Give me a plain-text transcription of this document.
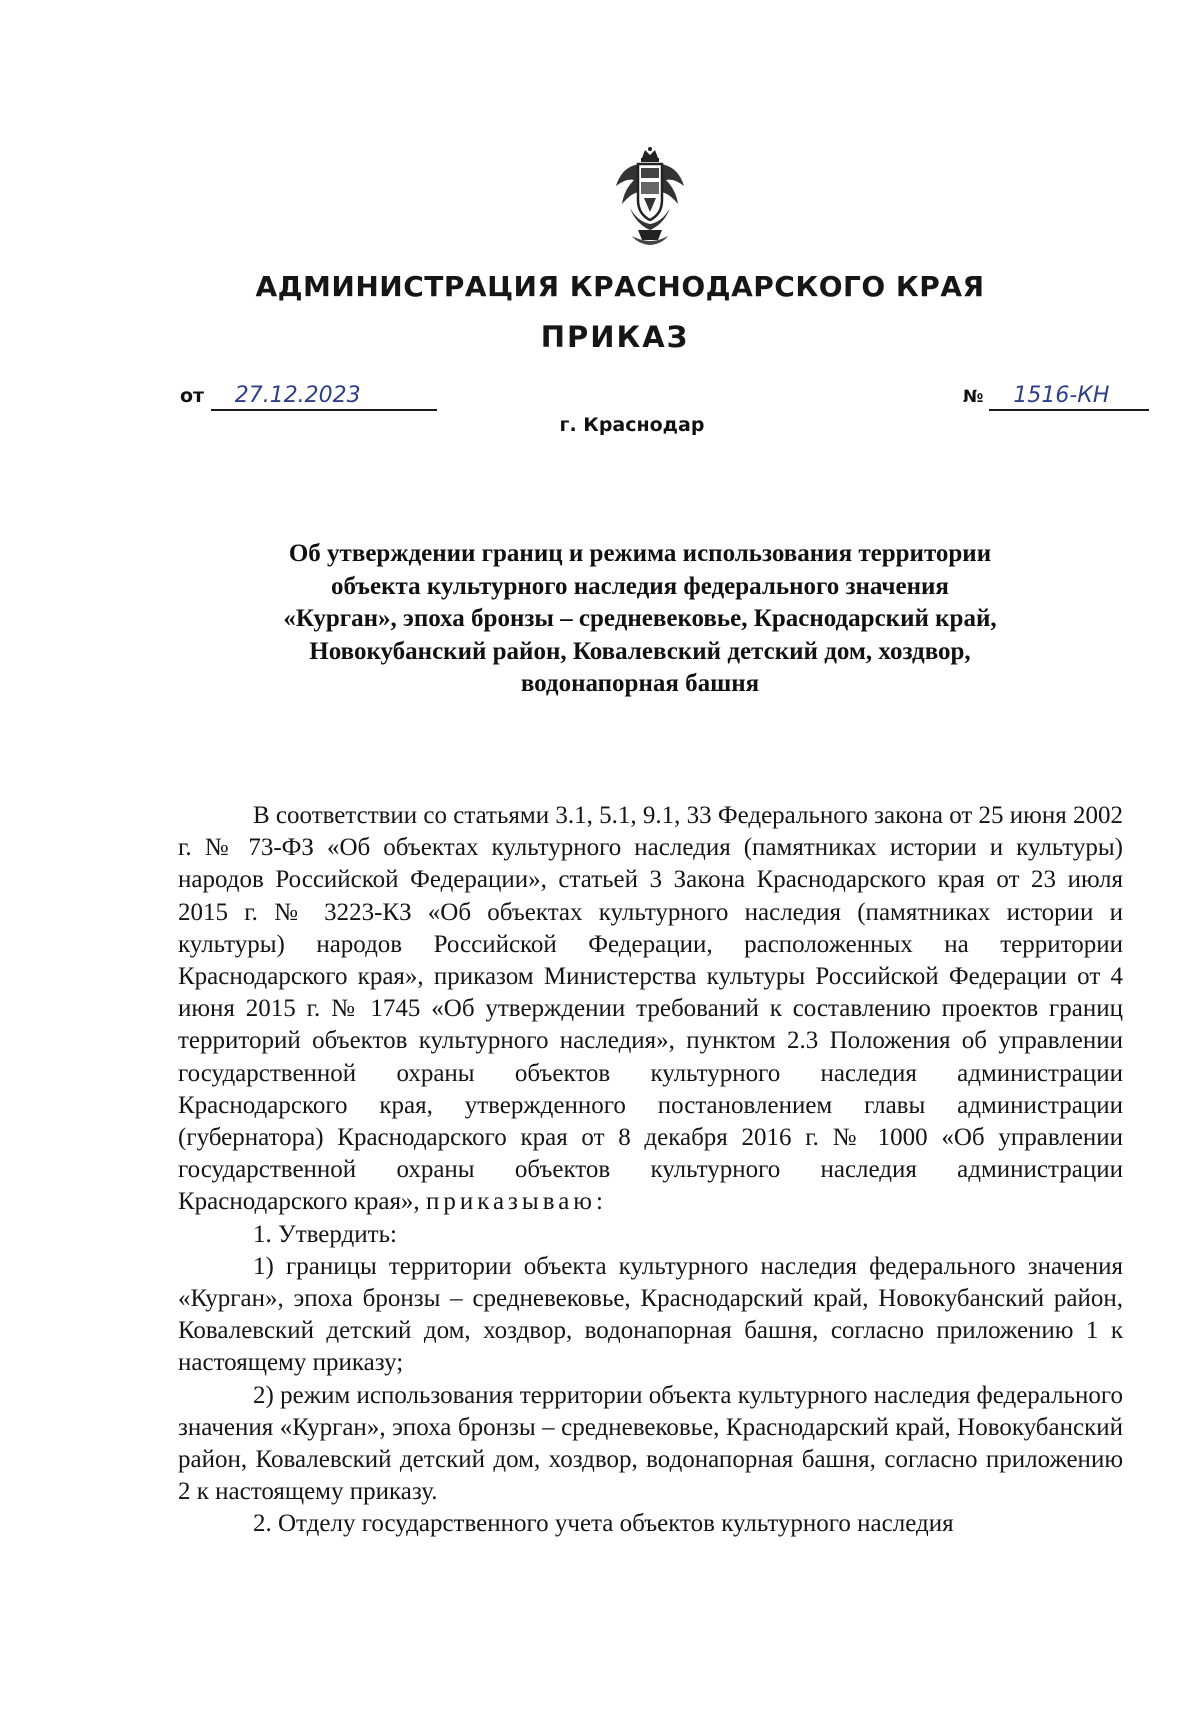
АДМИНИСТРАЦИЯ КРАСНОДАРСКОГО КРАЯ
ПРИКАЗ
от 27.12.2023	№ 1516-КН
г. Краснодар
Об утверждении границ и режима использования территории
объекта культурного наследия федерального значения
«Курган», эпоха бронзы – средневековье, Краснодарский край,
Новокубанский район, Ковалевский детский дом, хоздвор,
водонапорная башня

В соответствии со статьями 3.1, 5.1, 9.1, 33 Федерального закона от 25 июня 2002 г. № 73-ФЗ «Об объектах культурного наследия (памятниках истории и культуры) народов Российской Федерации», статьей 3 Закона Краснодарского края от 23 июля 2015 г. № 3223-КЗ «Об объектах культурного наследия (памятниках истории и культуры) народов Российской Федерации, расположенных на территории Краснодарского края», приказом Министерства культуры Российской Федерации от 4 июня 2015 г. № 1745 «Об утверждении требований к составлению проектов границ территорий объектов культурного наследия», пунктом 2.3 Положения об управлении государственной охраны объектов культурного наследия администрации Краснодарского края, утвержденного постановлением главы администрации (губернатора) Краснодарского края от 8 декабря 2016 г. № 1000 «Об управлении государственной охраны объектов культурного наследия администрации Краснодарского края», приказываю:

1. Утвердить:

1) границы территории объекта культурного наследия федерального значения «Курган», эпоха бронзы – средневековье, Краснодарский край, Новокубанский район, Ковалевский детский дом, хоздвор, водонапорная башня, согласно приложению 1 к настоящему приказу;

2) режим использования территории объекта культурного наследия федерального значения «Курган», эпоха бронзы – средневековье, Краснодарский край, Новокубанский район, Ковалевский детский дом, хоздвор, водонапорная башня, согласно приложению 2 к настоящему приказу.

2. Отделу государственного учета объектов культурного наследия
